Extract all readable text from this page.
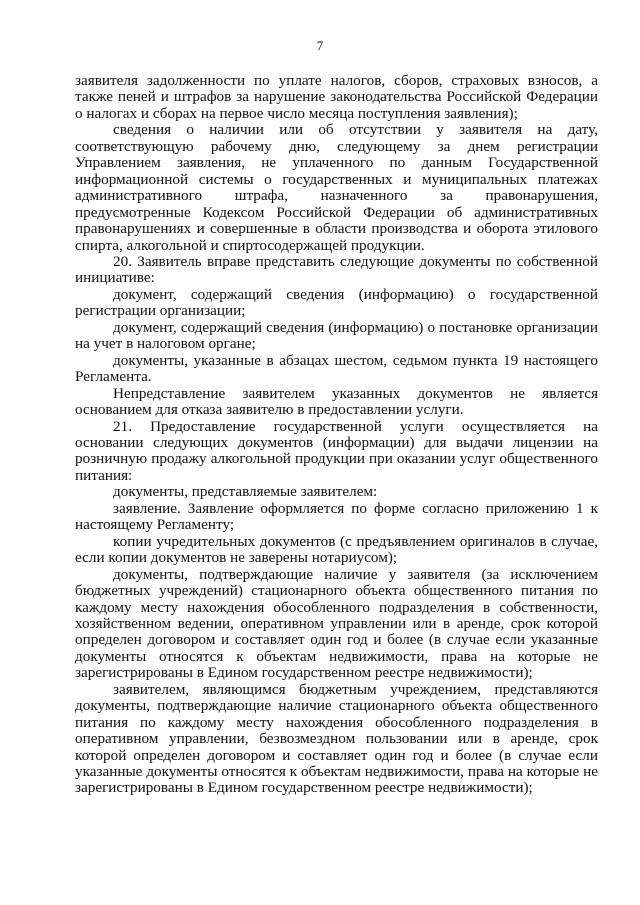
7

заявителя задолженности по уплате налогов, сборов, страховых взносов, а также пеней и штрафов за нарушение законодательства Российской Федерации о налогах и сборах на первое число месяца поступления заявления);

сведения о наличии или об отсутствии у заявителя на дату, соответствующую рабочему дню, следующему за днем регистрации Управлением заявления, не уплаченного по данным Государственной информационной системы о государственных и муниципальных платежах административного штрафа, назначенного за правонарушения, предусмотренные Кодексом Российской Федерации об административных правонарушениях и совершенные в области производства и оборота этилового спирта, алкогольной и спиртосодержащей продукции.

20. Заявитель вправе представить следующие документы по собственной инициативе:

документ, содержащий сведения (информацию) о государственной регистрации организации;

документ, содержащий сведения (информацию) о постановке организации на учет в налоговом органе;

документы, указанные в абзацах шестом, седьмом пункта 19 настоящего Регламента.

Непредставление заявителем указанных документов не является основанием для отказа заявителю в предоставлении услуги.

21. Предоставление государственной услуги осуществляется на основании следующих документов (информации) для выдачи лицензии на розничную продажу алкогольной продукции при оказании услуг общественного питания:

документы, представляемые заявителем:

заявление. Заявление оформляется по форме согласно приложению 1 к настоящему Регламенту;

копии учредительных документов (с предъявлением оригиналов в случае, если копии документов не заверены нотариусом);

документы, подтверждающие наличие у заявителя (за исключением бюджетных учреждений) стационарного объекта общественного питания по каждому месту нахождения обособленного подразделения в собственности, хозяйственном ведении, оперативном управлении или в аренде, срок которой определен договором и составляет один год и более (в случае если указанные документы относятся к объектам недвижимости, права на которые не зарегистрированы в Едином государственном реестре недвижимости);

заявителем, являющимся бюджетным учреждением, представляются документы, подтверждающие наличие стационарного объекта общественного питания по каждому месту нахождения обособленного подразделения в оперативном управлении, безвозмездном пользовании или в аренде, срок которой определен договором и составляет один год и более (в случае если указанные документы относятся к объектам недвижимости, права на которые не зарегистрированы в Едином государственном реестре недвижимости);
